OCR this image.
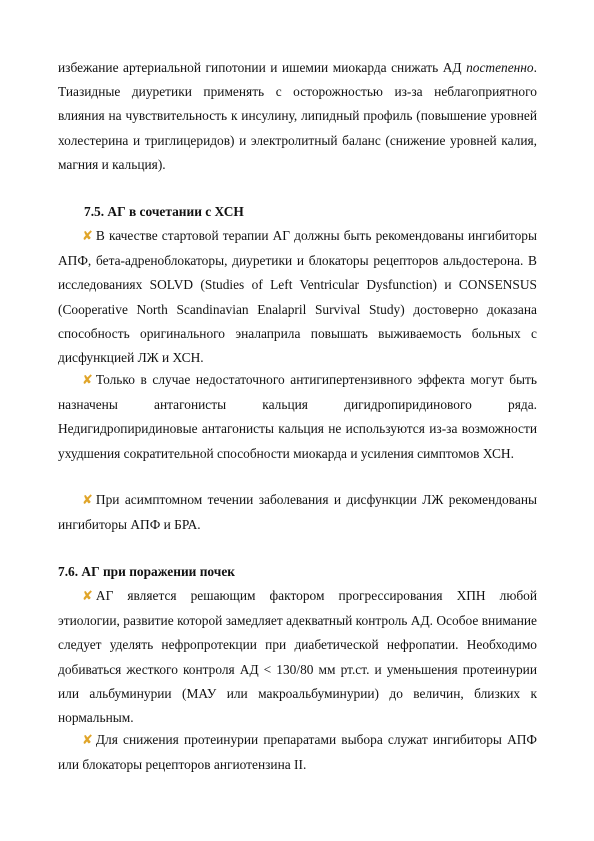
избежание артериальной гипотонии и ишемии миокарда снижать АД постепенно. Тиазидные диуретики применять с осторожностью из-за неблагоприятного влияния на чувствительность к инсулину, липидный профиль (повышение уровней холестерина и триглицеридов) и электролитный баланс (снижение уровней калия, магния и кальция).

7.5. АГ в сочетании с ХСН

✘ В качестве стартовой терапии АГ должны быть рекомендованы ингибиторы АПФ, бета-адреноблокаторы, диуретики и блокаторы рецепторов альдостерона. В исследованиях SOLVD (Studies of Left Ventricular Dysfunction) и CONSENSUS (Cooperative North Scandinavian Enalapril Survival Study) достоверно доказана способность оригинального эналаприла повышать выживаемость больных с дисфункцией ЛЖ и ХСН.

✘ Только в случае недостаточного антигипертензивного эффекта могут быть назначены антагонисты кальция дигидропиридинового ряда. Недигидропиридиновые антагонисты кальция не используются из-за возможности ухудшения сократительной способности миокарда и усиления симптомов ХСН.

✘ При асимптомном течении заболевания и дисфункции ЛЖ рекомендованы ингибиторы АПФ и БРА.

7.6. АГ при поражении почек

✘ АГ является решающим фактором прогрессирования ХПН любой этиологии, развитие которой замедляет адекватный контроль АД. Особое внимание следует уделять нефропротекции при диабетической нефропатии. Необходимо добиваться жесткого контроля АД < 130/80 мм рт.ст. и уменьшения протеинурии или альбуминурии (МАУ или макроальбуминурии) до величин, близких к нормальным.

✘ Для снижения протеинурии препаратами выбора служат ингибиторы АПФ или блокаторы рецепторов ангиотензина II.
